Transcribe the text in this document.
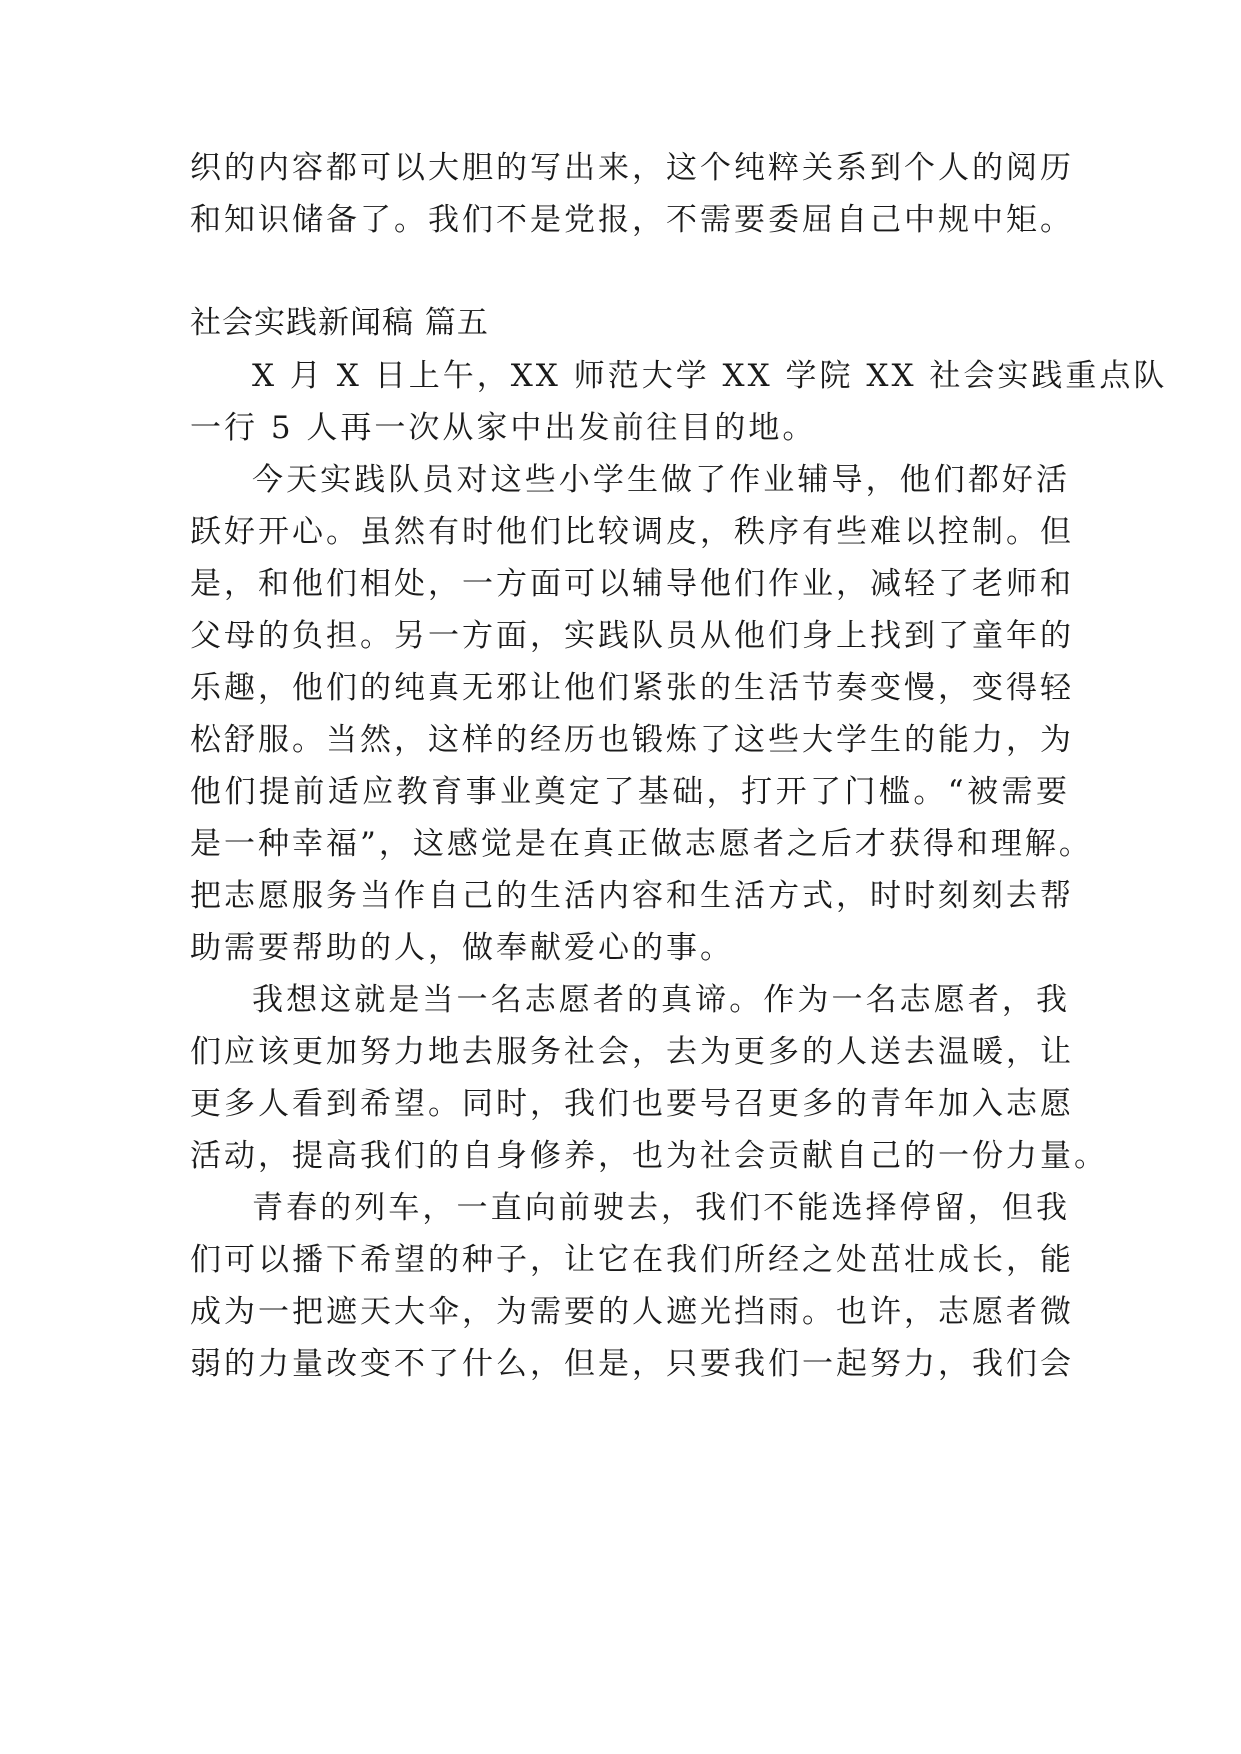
织的内容都可以大胆的写出来，这个纯粹关系到个人的阅历

和知识储备了。我们不是党报，不需要委屈自己中规中矩。

社会实践新闻稿 篇五

X 月 X 日上午，XX 师范大学 XX 学院 XX 社会实践重点队

一行 5 人再一次从家中出发前往目的地。

今天实践队员对这些小学生做了作业辅导，他们都好活

跃好开心。虽然有时他们比较调皮，秩序有些难以控制。但

是，和他们相处，一方面可以辅导他们作业，减轻了老师和

父母的负担。另一方面，实践队员从他们身上找到了童年的

乐趣，他们的纯真无邪让他们紧张的生活节奏变慢，变得轻

松舒服。当然，这样的经历也锻炼了这些大学生的能力，为

他们提前适应教育事业奠定了基础，打开了门槛。“被需要

是一种幸福”，这感觉是在真正做志愿者之后才获得和理解。

把志愿服务当作自己的生活内容和生活方式，时时刻刻去帮

助需要帮助的人，做奉献爱心的事。

我想这就是当一名志愿者的真谛。作为一名志愿者，我

们应该更加努力地去服务社会，去为更多的人送去温暖，让

更多人看到希望。同时，我们也要号召更多的青年加入志愿

活动，提高我们的自身修养，也为社会贡献自己的一份力量。

青春的列车，一直向前驶去，我们不能选择停留，但我

们可以播下希望的种子，让它在我们所经之处茁壮成长，能

成为一把遮天大伞，为需要的人遮光挡雨。也许，志愿者微

弱的力量改变不了什么，但是，只要我们一起努力，我们会
